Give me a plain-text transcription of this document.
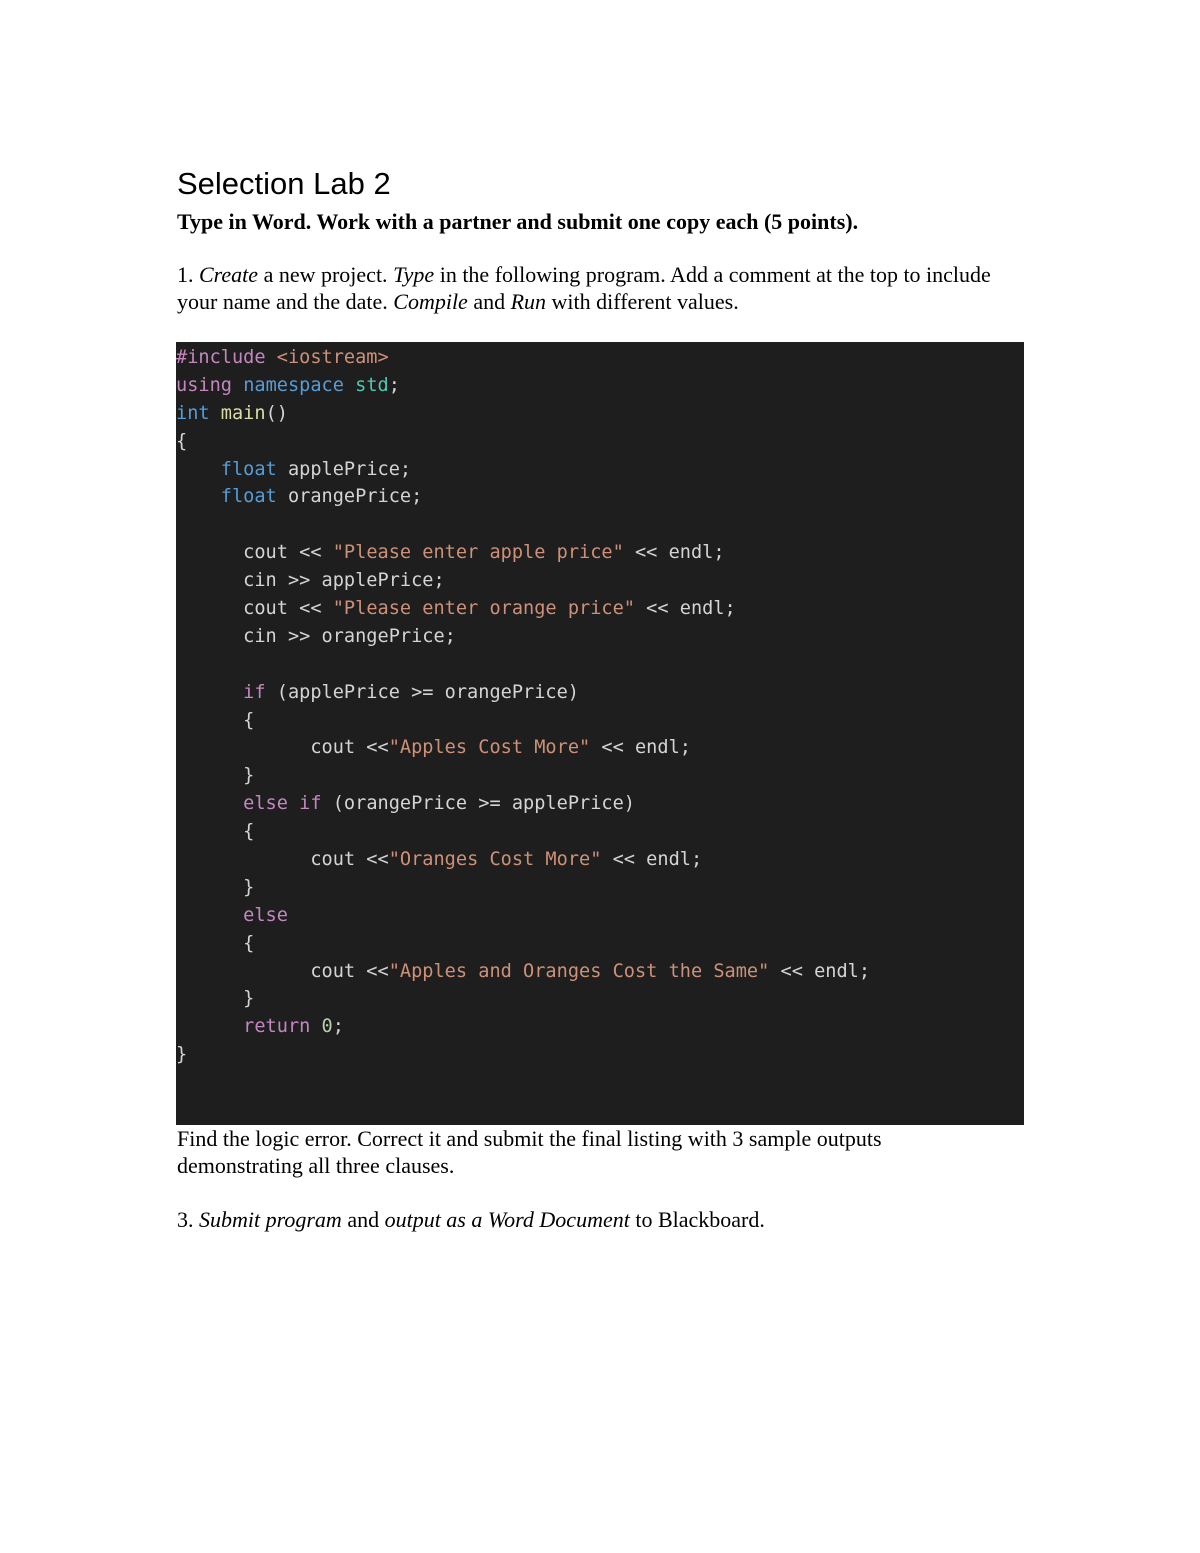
Selection Lab 2

Type in Word. Work with a partner and submit one copy each (5 points).

1. Create a new project. Type in the following program. Add a comment at the top to include your name and the date. Compile and Run with different values.

#include <iostream>
using namespace std;
int main()
{
float applePrice;
float orangePrice;

cout << "Please enter apple price" << endl;
cin >> applePrice;
cout << "Please enter orange price" << endl;
cin >> orangePrice;

if (applePrice >= orangePrice)
{
cout <<"Apples Cost More" << endl;
}
else if (orangePrice >= applePrice)
{
cout <<"Oranges Cost More" << endl;
}
else
{
cout <<"Apples and Oranges Cost the Same" << endl;
}
return 0;
}

Find the logic error. Correct it and submit the final listing with 3 sample outputs demonstrating all three clauses.

3. Submit program and output as a Word Document to Blackboard.
